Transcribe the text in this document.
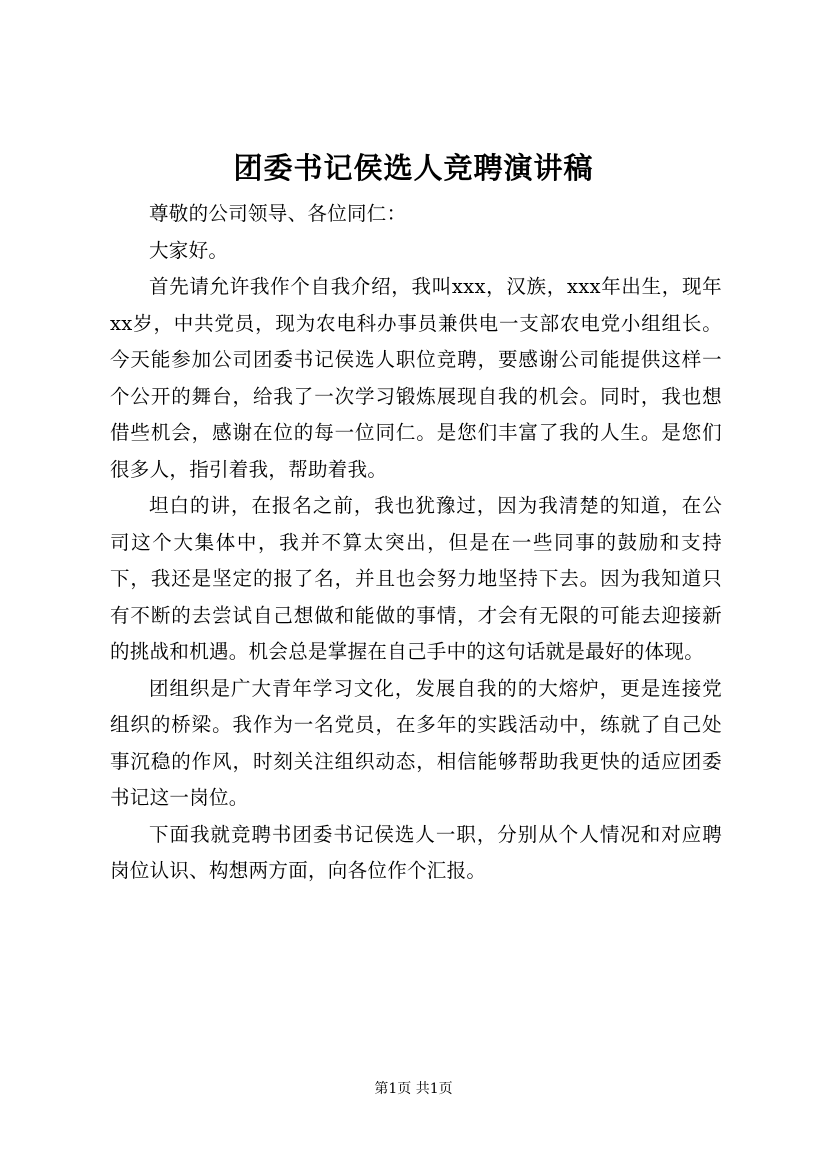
团委书记侯选人竞聘演讲稿

尊敬的公司领导、各位同仁：

大家好。

首先请允许我作个自我介绍，我叫xxx，汉族，xxx年出生，现年xx岁，中共党员，现为农电科办事员兼供电一支部农电党小组组长。今天能参加公司团委书记侯选人职位竞聘，要感谢公司能提供这样一个公开的舞台，给我了一次学习锻炼展现自我的机会。同时，我也想借些机会，感谢在位的每一位同仁。是您们丰富了我的人生。是您们很多人，指引着我，帮助着我。

坦白的讲，在报名之前，我也犹豫过，因为我清楚的知道，在公司这个大集体中，我并不算太突出，但是在一些同事的鼓励和支持下，我还是坚定的报了名，并且也会努力地坚持下去。因为我知道只有不断的去尝试自己想做和能做的事情，才会有无限的可能去迎接新的挑战和机遇。机会总是掌握在自己手中的这句话就是最好的体现。

团组织是广大青年学习文化，发展自我的的大熔炉，更是连接党组织的桥梁。我作为一名党员，在多年的实践活动中，练就了自己处事沉稳的作风，时刻关注组织动态，相信能够帮助我更快的适应团委书记这一岗位。

下面我就竞聘书团委书记侯选人一职，分别从个人情况和对应聘岗位认识、构想两方面，向各位作个汇报。

第1页 共1页
